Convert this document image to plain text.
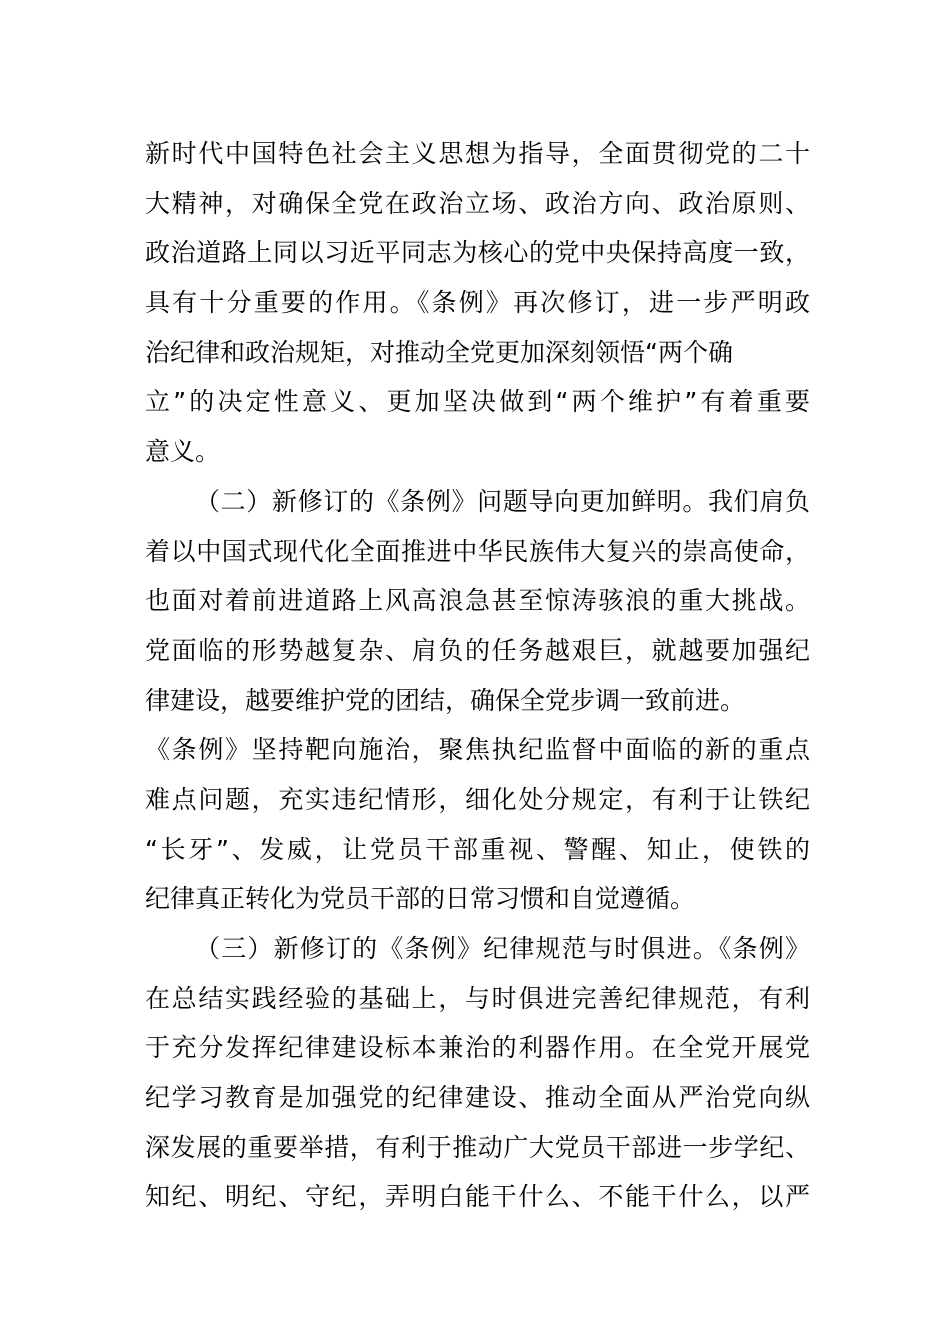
新时代中国特色社会主义思想为指导，全面贯彻党的二十
大精神，对确保全党在政治立场、政治方向、政治原则、
政治道路上同以习近平同志为核心的党中央保持高度一致，
具有十分重要的作用。《条例》再次修订，进一步严明政
治纪律和政治规矩，对推动全党更加深刻领悟“两个确
立”的决定性意义、更加坚决做到“两个维护”有着重要
意义。
（二）新修订的《条例》问题导向更加鲜明。我们肩负
着以中国式现代化全面推进中华民族伟大复兴的崇高使命，
也面对着前进道路上风高浪急甚至惊涛骇浪的重大挑战。
党面临的形势越复杂、肩负的任务越艰巨，就越要加强纪
律建设，越要维护党的团结，确保全党步调一致前进。
《条例》坚持靶向施治，聚焦执纪监督中面临的新的重点
难点问题，充实违纪情形，细化处分规定，有利于让铁纪
“长牙”、发威，让党员干部重视、警醒、知止，使铁的
纪律真正转化为党员干部的日常习惯和自觉遵循。
（三）新修订的《条例》纪律规范与时俱进。《条例》
在总结实践经验的基础上，与时俱进完善纪律规范，有利
于充分发挥纪律建设标本兼治的利器作用。在全党开展党
纪学习教育是加强党的纪律建设、推动全面从严治党向纵
深发展的重要举措，有利于推动广大党员干部进一步学纪、
知纪、明纪、守纪，弄明白能干什么、不能干什么，以严
